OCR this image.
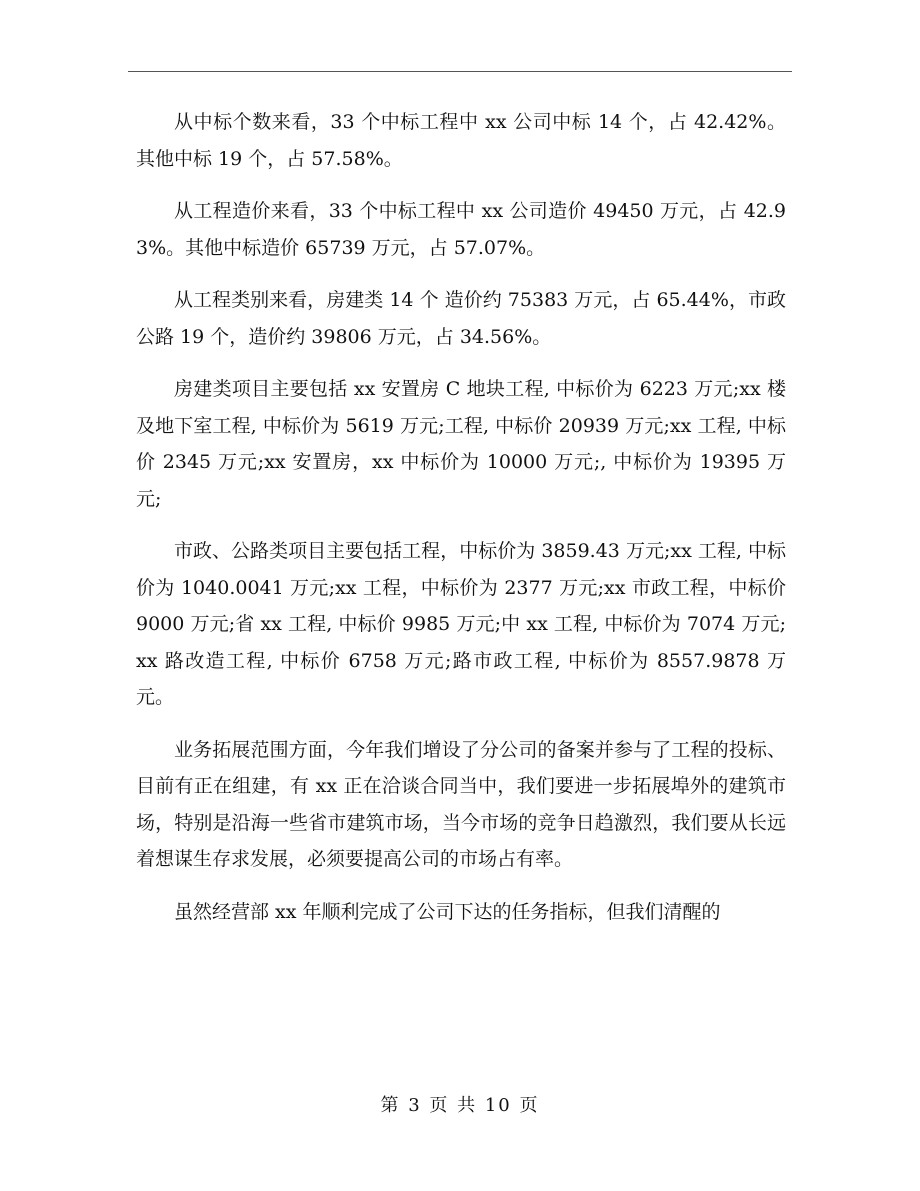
从中标个数来看，33 个中标工程中 xx 公司中标 14 个，占 42.42%。其他中标 19 个，占 57.58%。

从工程造价来看，33 个中标工程中 xx 公司造价 49450 万元，占 42.93%。其他中标造价 65739 万元，占 57.07%。

从工程类别来看，房建类 14 个 造价约 75383 万元，占 65.44%，市政公路 19 个，造价约 39806 万元，占 34.56%。

房建类项目主要包括 xx 安置房 C 地块工程, 中标价为 6223 万元;xx 楼及地下室工程, 中标价为 5619 万元;工程, 中标价 20939 万元;xx 工程, 中标价 2345 万元;xx 安置房，xx 中标价为 10000 万元;, 中标价为 19395 万元;

市政、公路类项目主要包括工程，中标价为 3859.43 万元;xx 工程, 中标价为 1040.0041 万元;xx 工程，中标价为 2377 万元;xx 市政工程，中标价 9000 万元;省 xx 工程, 中标价 9985 万元;中 xx 工程, 中标价为 7074 万元;xx 路改造工程, 中标价 6758 万元;路市政工程, 中标价为 8557.9878 万元。

业务拓展范围方面，今年我们增设了分公司的备案并参与了工程的投标、目前有正在组建，有 xx 正在洽谈合同当中，我们要进一步拓展埠外的建筑市场，特别是沿海一些省市建筑市场，当今市场的竞争日趋激烈，我们要从长远着想谋生存求发展，必须要提高公司的市场占有率。

虽然经营部 xx 年顺利完成了公司下达的任务指标，但我们清醒的

第 3 页 共 10 页
